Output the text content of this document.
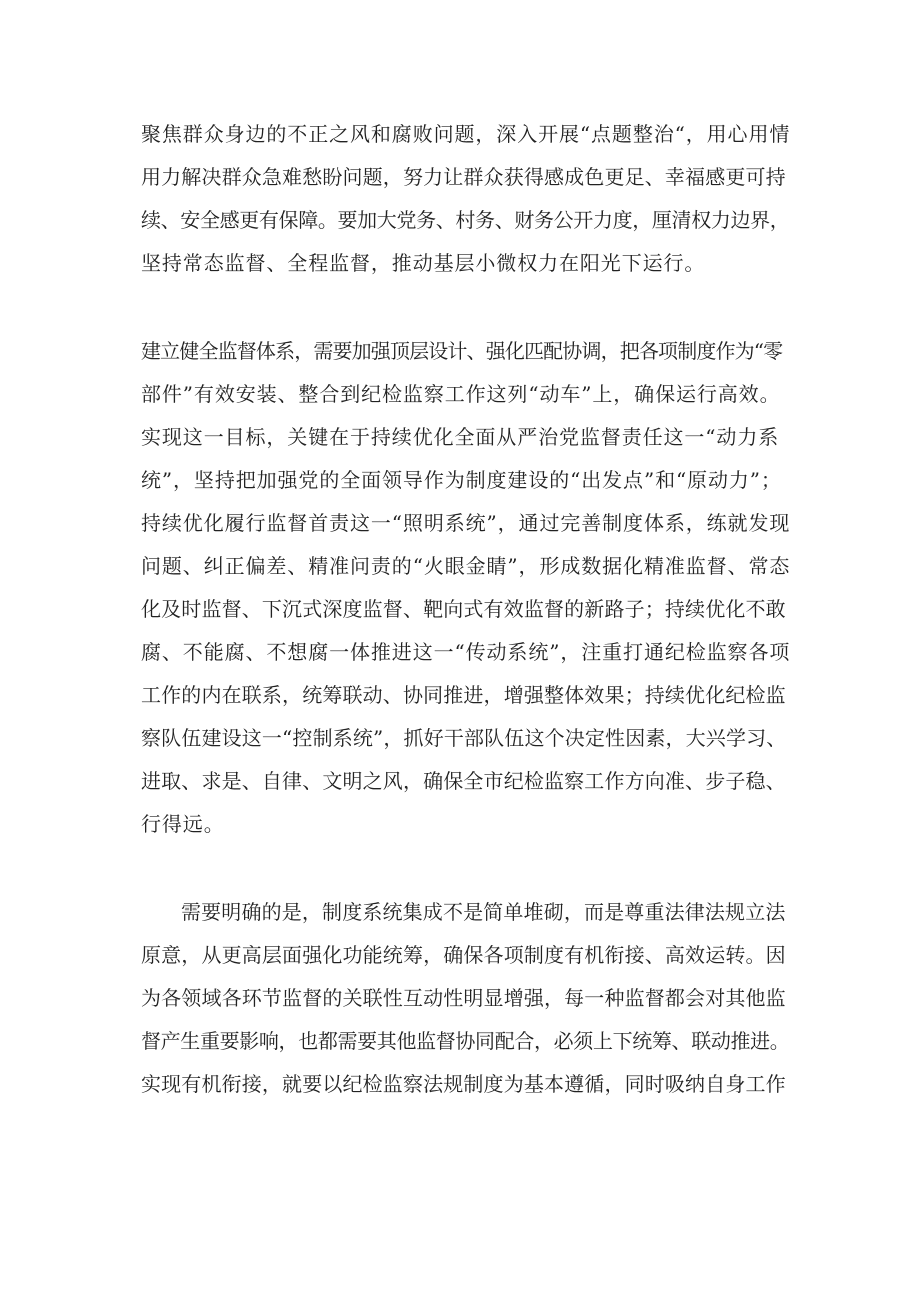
聚焦群众身边的不正之风和腐败问题，深入开展“点题整治“，用心用情
用力解决群众急难愁盼问题，努力让群众获得感成色更足、幸福感更可持
续、安全感更有保障。要加大党务、村务、财务公开力度，厘清权力边界，
坚持常态监督、全程监督，推动基层小微权力在阳光下运行。
建立健全监督体系，需要加强顶层设计、强化匹配协调，把各项制度作为“零
部件”有效安装、整合到纪检监察工作这列“动车”上，确保运行高效。
实现这一目标，关键在于持续优化全面从严治党监督责任这一“动力系
统”，坚持把加强党的全面领导作为制度建设的“出发点”和“原动力”；
持续优化履行监督首责这一“照明系统”，通过完善制度体系，练就发现
问题、纠正偏差、精准问责的“火眼金睛”，形成数据化精准监督、常态
化及时监督、下沉式深度监督、靶向式有效监督的新路子；持续优化不敢
腐、不能腐、不想腐一体推进这一“传动系统”，注重打通纪检监察各项
工作的内在联系，统筹联动、协同推进，增强整体效果；持续优化纪检监
察队伍建设这一“控制系统”，抓好干部队伍这个决定性因素，大兴学习、
进取、求是、自律、文明之风，确保全市纪检监察工作方向准、步子稳、
行得远。
需要明确的是，制度系统集成不是简单堆砌，而是尊重法律法规立法
原意，从更高层面强化功能统筹，确保各项制度有机衔接、高效运转。因
为各领域各环节监督的关联性互动性明显增强，每一种监督都会对其他监
督产生重要影响，也都需要其他监督协同配合，必须上下统筹、联动推进。
实现有机衔接，就要以纪检监察法规制度为基本遵循，同时吸纳自身工作
